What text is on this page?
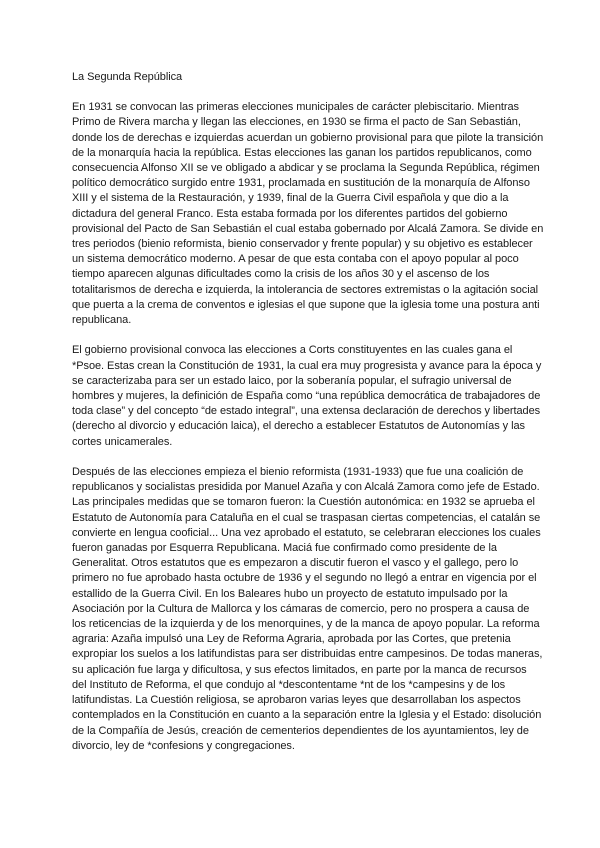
La Segunda República

En 1931 se convocan las primeras elecciones municipales de carácter plebiscitario. Mientras Primo de Rivera marcha y llegan las elecciones, en 1930 se firma el pacto de San Sebastián, donde los de derechas e izquierdas acuerdan un gobierno provisional para que pilote la transición de la monarquía hacia la república. Estas elecciones las ganan los partidos republicanos, como consecuencia Alfonso XII se ve obligado a abdicar y se proclama la Segunda República, régimen político democrático surgido entre 1931, proclamada en sustitución de la monarquía de Alfonso XIII y el sistema de la Restauración, y 1939, final de la Guerra Civil española y que dio a la dictadura del general Franco. Esta estaba formada por los diferentes partidos del gobierno provisional del Pacto de San Sebastián el cual estaba gobernado por Alcalá Zamora. Se divide en tres periodos (bienio reformista, bienio conservador y frente popular) y su objetivo es establecer un sistema democrático moderno. A pesar de que esta contaba con el apoyo popular al poco tiempo aparecen algunas dificultades como la crisis de los años 30 y el ascenso de los totalitarismos de derecha e izquierda, la intolerancia de sectores extremistas o la agitación social que puerta a la crema de conventos e iglesias el que supone que la iglesia tome una postura anti republicana.

El gobierno provisional convoca las elecciones a Corts constituyentes en las cuales gana el *Psoe. Estas crean la Constitución de 1931, la cual era muy progresista y avance para la época y se caracterizaba para ser un estado laico, por la soberanía popular, el sufragio universal de hombres y mujeres, la definición de España como “una república democrática de trabajadores de toda clase” y del concepto “de estado integral”, una extensa declaración de derechos y libertades (derecho al divorcio y educación laica), el derecho a establecer Estatutos de Autonomías y las cortes unicamerales.

Después de las elecciones empieza el bienio reformista (1931-1933) que fue una coalición de republicanos y socialistas presidida por Manuel Azaña y con Alcalá Zamora como jefe de Estado. Las principales medidas que se tomaron fueron: la Cuestión autonómica: en 1932 se aprueba el Estatuto de Autonomía para Cataluña en el cual se traspasan ciertas competencias, el catalán se convierte en lengua cooficial... Una vez aprobado el estatuto, se celebraran elecciones los cuales fueron ganadas por Esquerra Republicana. Maciá fue confirmado como presidente de la Generalitat. Otros estatutos que es empezaron a discutir fueron el vasco y el gallego, pero lo primero no fue aprobado hasta octubre de 1936 y el segundo no llegó a entrar en vigencia por el estallido de la Guerra Civil. En los Baleares hubo un proyecto de estatuto impulsado por la Asociación por la Cultura de Mallorca y los cámaras de comercio, pero no prospera a causa de los reticencias de la izquierda y de los menorquines, y de la manca de apoyo popular. La reforma agraria: Azaña impulsó una Ley de Reforma Agraria, aprobada por las Cortes, que pretenia expropiar los suelos a los latifundistas para ser distribuidas entre campesinos. De todas maneras, su aplicación fue larga y dificultosa, y sus efectos limitados, en parte por la manca de recursos del Instituto de Reforma, el que condujo al *descontentame *nt de los *campesins y de los latifundistas. La Cuestión religiosa, se aprobaron varias leyes que desarrollaban los aspectos contemplados en la Constitución en cuanto a la separación entre la Iglesia y el Estado: disolución de la Compañía de Jesús, creación de cementerios dependientes de los ayuntamientos, ley de divorcio, ley de *confesions y congregaciones.
